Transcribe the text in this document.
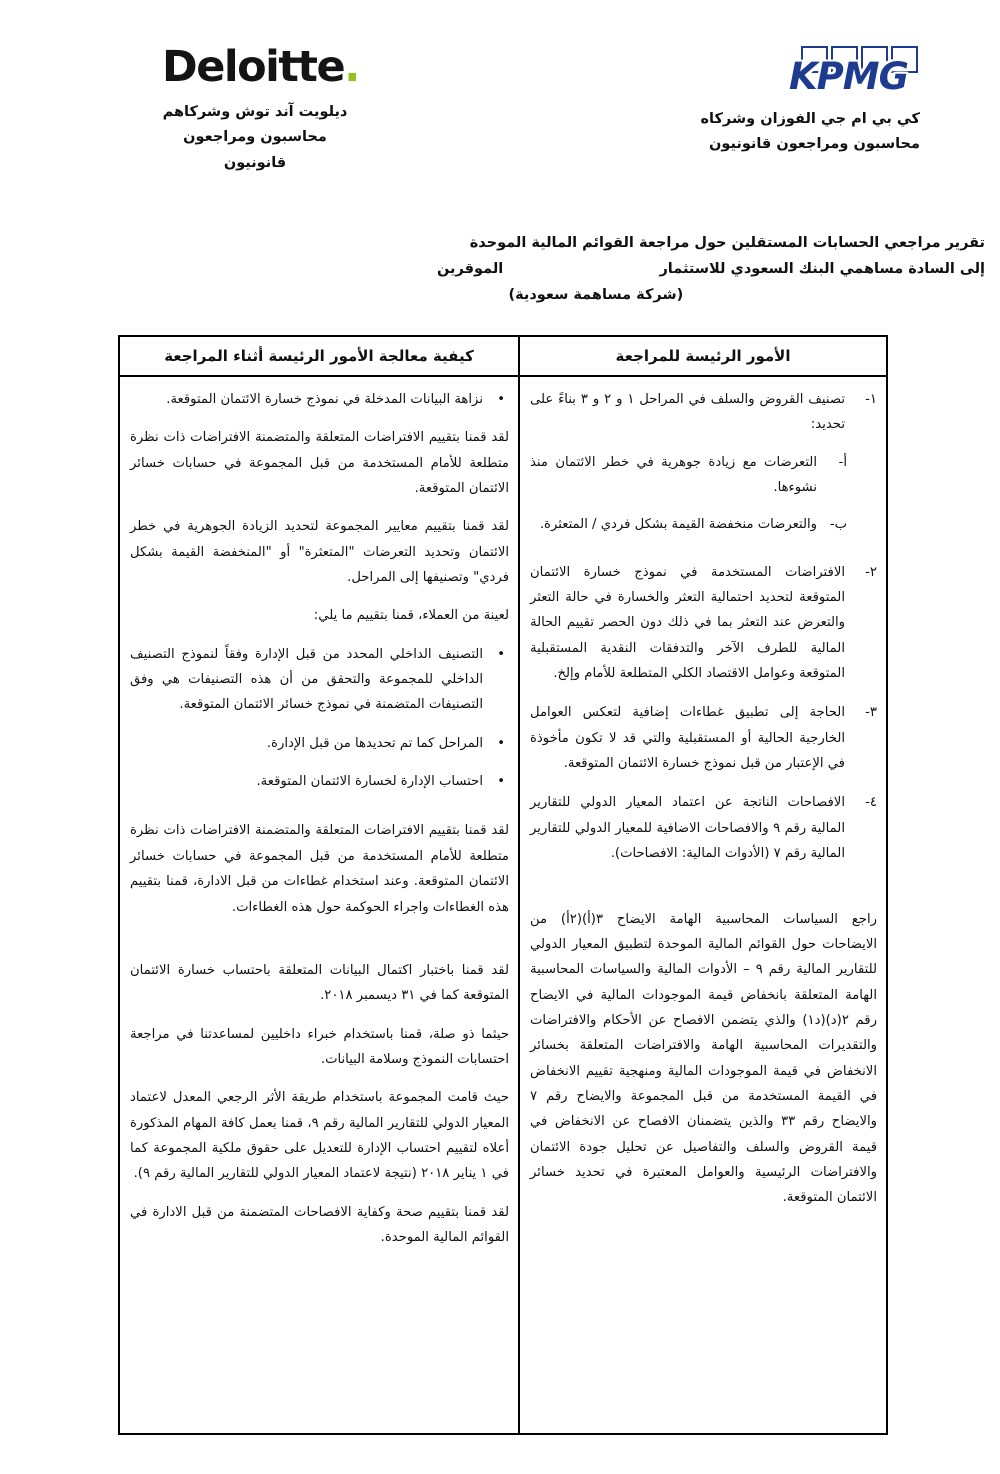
Deloitte.
ديلويت آند توش وشركاهم
محاسبون ومراجعون قانونيون
KPMG
كي بي ام جي الفوزان وشركاه
محاسبون ومراجعون قانونيون
تقرير مراجعي الحسابات المستقلين حول مراجعة القوائم المالية الموحدة
إلى السادة مساهمي البنك السعودي للاستثمار
الموقرين
(شركة مساهمة سعودية)
الأمور الرئيسة للمراجعة
١-
تصنيف القروض والسلف في المراحل ١ و ٢ و ٣ بناءً على تحديد:
أ-
التعرضات مع زيادة جوهرية في خطر الائتمان منذ نشوءها.
ب-
والتعرضات منخفضة القيمة بشكل فردي / المتعثرة.
٢-
الافتراضات المستخدمة في نموذج خسارة الائتمان المتوقعة لتحديد احتمالية التعثر والخسارة في حالة التعثر والتعرض عند التعثر بما في ذلك دون الحصر تقييم الحالة المالية للطرف الآخر والتدفقات النقدية المستقبلية المتوقعة وعوامل الاقتصاد الكلي المتطلعة للأمام وإلخ.
٣-
الحاجة إلى تطبيق غطاءات إضافية لتعكس العوامل الخارجية الحالية أو المستقبلية والتي قد لا تكون مأخوذة في الإعتبار من قبل نموذج خسارة الائتمان المتوقعة.
٤-
الافصاحات الناتجة عن اعتماد المعيار الدولي للتقارير المالية رقم ٩ والافصاحات الاضافية للمعيار الدولي للتقارير المالية رقم ٧ (الأدوات المالية: الافصاحات).
راجع السياسات المحاسبية الهامة الايضاح ٣(أ)(٢أ) من الايضاحات حول القوائم المالية الموحدة لتطبيق المعيار الدولي للتقارير المالية رقم ٩ – الأدوات المالية والسياسات المحاسبية الهامة المتعلقة بانخفاض قيمة الموجودات المالية في الايضاح رقم ٢(د)(د١) والذي يتضمن الافصاح عن الأحكام والافتراضات والتقديرات المحاسبية الهامة والافتراضات المتعلقة بخسائر الانخفاض في قيمة الموجودات المالية ومنهجية تقييم الانخفاض في القيمة المستخدمة من قبل المجموعة والايضاح رقم ٧ والايضاح رقم ٣٣ والذين يتضمنان الافصاح عن الانخفاض في قيمة القروض والسلف والتفاصيل عن تحليل جودة الائتمان والافتراضات الرئيسية والعوامل المعتبرة في تحديد خسائر الائتمان المتوقعة.
كيفية معالجة الأمور الرئيسة أثناء المراجعة
•
نزاهة البيانات المدخلة في نموذج خسارة الائتمان المتوقعة.
لقد قمنا بتقييم الافتراضات المتعلقة والمتضمنة الافتراضات ذات نظرة متطلعة للأمام المستخدمة من قبل المجموعة في حسابات خسائر الائتمان المتوقعة.
لقد قمنا بتقييم معايير المجموعة لتحديد الزيادة الجوهرية في خطر الائتمان وتحديد التعرضات "المتعثرة" أو "المنخفضة القيمة بشكل فردي" وتصنيفها إلى المراحل.
لعينة من العملاء، قمنا بتقييم ما يلي:
•
التصنيف الداخلي المحدد من قبل الإدارة وفقاً لنموذج التصنيف الداخلي للمجموعة والتحقق من أن هذه التصنيفات هي وفق التصنيفات المتضمنة في نموذج خسائر الائتمان المتوقعة.
•
المراحل كما تم تحديدها من قبل الإدارة.
•
احتساب الإدارة لخسارة الائتمان المتوقعة.
لقد قمنا بتقييم الافتراضات المتعلقة والمتضمنة الافتراضات ذات نظرة متطلعة للأمام المستخدمة من قبل المجموعة في حسابات خسائر الائتمان المتوقعة. وعند استخدام غطاءات من قبل الادارة، قمنا بتقييم هذه الغطاءات واجراء الحوكمة حول هذه الغطاءات.
لقد قمنا باختبار اكتمال البيانات المتعلقة باحتساب خسارة الائتمان المتوقعة كما في ٣١ ديسمبر ٢٠١٨.
حيثما ذو صلة، قمنا باستخدام خبراء داخليين لمساعدتنا في مراجعة احتسابات النموذج وسلامة البيانات.
حيث قامت المجموعة باستخدام طريقة الأثر الرجعي المعدل لاعتماد المعيار الدولي للتقارير المالية رقم ٩، قمنا بعمل كافة المهام المذكورة أعلاه لتقييم احتساب الإدارة للتعديل على حقوق ملكية المجموعة كما في ١ يناير ٢٠١٨ (نتيجة لاعتماد المعيار الدولي للتقارير المالية رقم ٩).
لقد قمنا بتقييم صحة وكفاية الافصاحات المتضمنة من قبل الادارة في القوائم المالية الموحدة.
